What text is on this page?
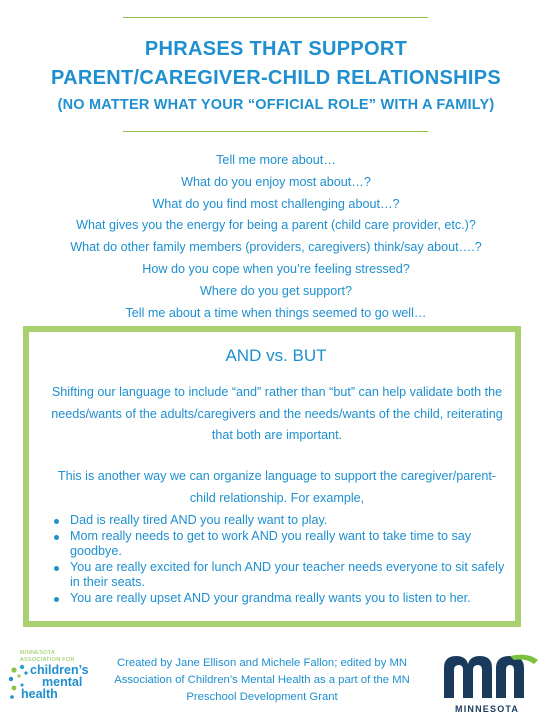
PHRASES THAT SUPPORT
PARENT/CAREGIVER-CHILD RELATIONSHIPS
(NO MATTER WHAT YOUR “OFFICIAL ROLE” WITH A FAMILY)
Tell me more about…
What do you enjoy most about…?
What do you find most challenging about…?
What gives you the energy for being a parent (child care provider, etc.)?
What do other family members (providers, caregivers) think/say about….?
How do you cope when you’re feeling stressed?
Where do you get support?
Tell me about a time when things seemed to go well…
AND vs. BUT

Shifting our language to include “and” rather than “but” can help validate both the needs/wants of the adults/caregivers and the needs/wants of the child, reiterating that both are important.

This is another way we can organize language to support the caregiver/parent-child relationship. For example,

Dad is really tired AND you really want to play.
Mom really needs to get to work AND you really want to take time to say goodbye.
You are really excited for lunch AND your teacher needs everyone to sit safely in their seats.
You are really upset AND your grandma really wants you to listen to her.
MINNESOTA
ASSOCIATION FOR
children’s
mental
health
Created by Jane Ellison and Michele Fallon; edited by MN Association of Children’s Mental Health as a part of the MN Preschool Development Grant
MINNESOTA
